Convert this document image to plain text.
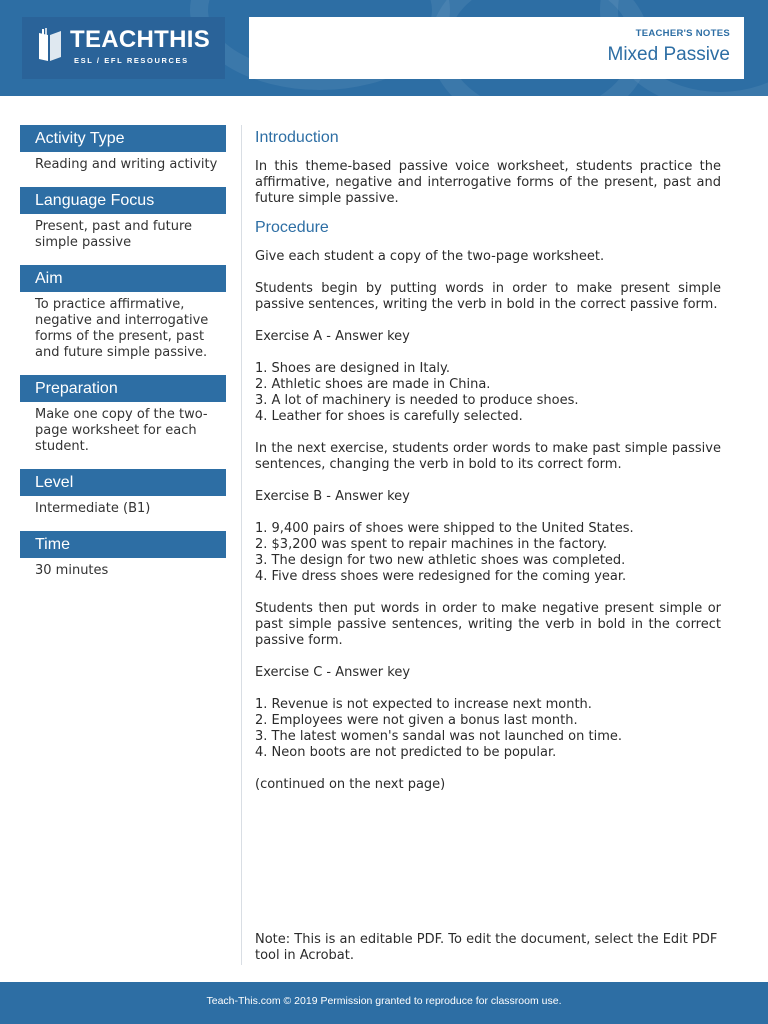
TEACHTHIS
ESL / EFL RESOURCES
TEACHER'S NOTES
Mixed Passive
Activity Type
Reading and writing activity
Language Focus
Present, past and future simple passive
Aim
To practice affirmative, negative and interrogative forms of the present, past and future simple passive.
Preparation
Make one copy of the two-page worksheet for each student.
Level
Intermediate (B1)
Time
30 minutes
Introduction
In this theme-based passive voice worksheet, students practice the affirmative, negative and interrogative forms of the present, past and future simple passive.
Procedure
Give each student a copy of the two-page worksheet.
Students begin by putting words in order to make present simple passive sentences, writing the verb in bold in the correct passive form.
Exercise A - Answer key
1. Shoes are designed in Italy.
2. Athletic shoes are made in China.
3. A lot of machinery is needed to produce shoes.
4. Leather for shoes is carefully selected.
In the next exercise, students order words to make past simple passive sentences, changing the verb in bold to its correct form.
Exercise B - Answer key
1. 9,400 pairs of shoes were shipped to the United States.
2. $3,200 was spent to repair machines in the factory.
3. The design for two new athletic shoes was completed.
4. Five dress shoes were redesigned for the coming year.
Students then put words in order to make negative present simple or past simple passive sentences, writing the verb in bold in the correct passive form.
Exercise C - Answer key
1. Revenue is not expected to increase next month.
2. Employees were not given a bonus last month.
3. The latest women's sandal was not launched on time.
4. Neon boots are not predicted to be popular.
(continued on the next page)
Note: This is an editable PDF. To edit the document, select the Edit PDF tool in Acrobat.
Teach-This.com © 2019 Permission granted to reproduce for classroom use.
